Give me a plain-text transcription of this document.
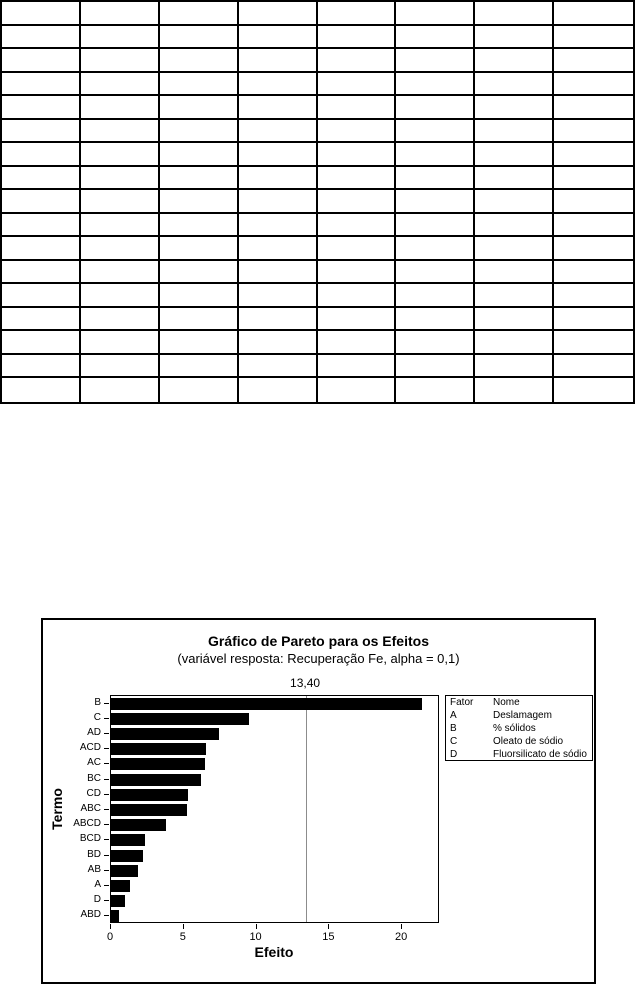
Gráfico de Pareto para os Efeitos
(variável resposta: Recuperação Fe, alpha = 0,1)
13,40
Termo
Efeito
Fator	Nome
A	Deslamagem
B	% sólidos
C	Oleato de sódio
D	Fluorsilicato de sódio
B
C
AD
ACD
AC
BC
CD
ABC
ABCD
BCD
BD
AB
A
D
ABD
0	5	10	15	20
